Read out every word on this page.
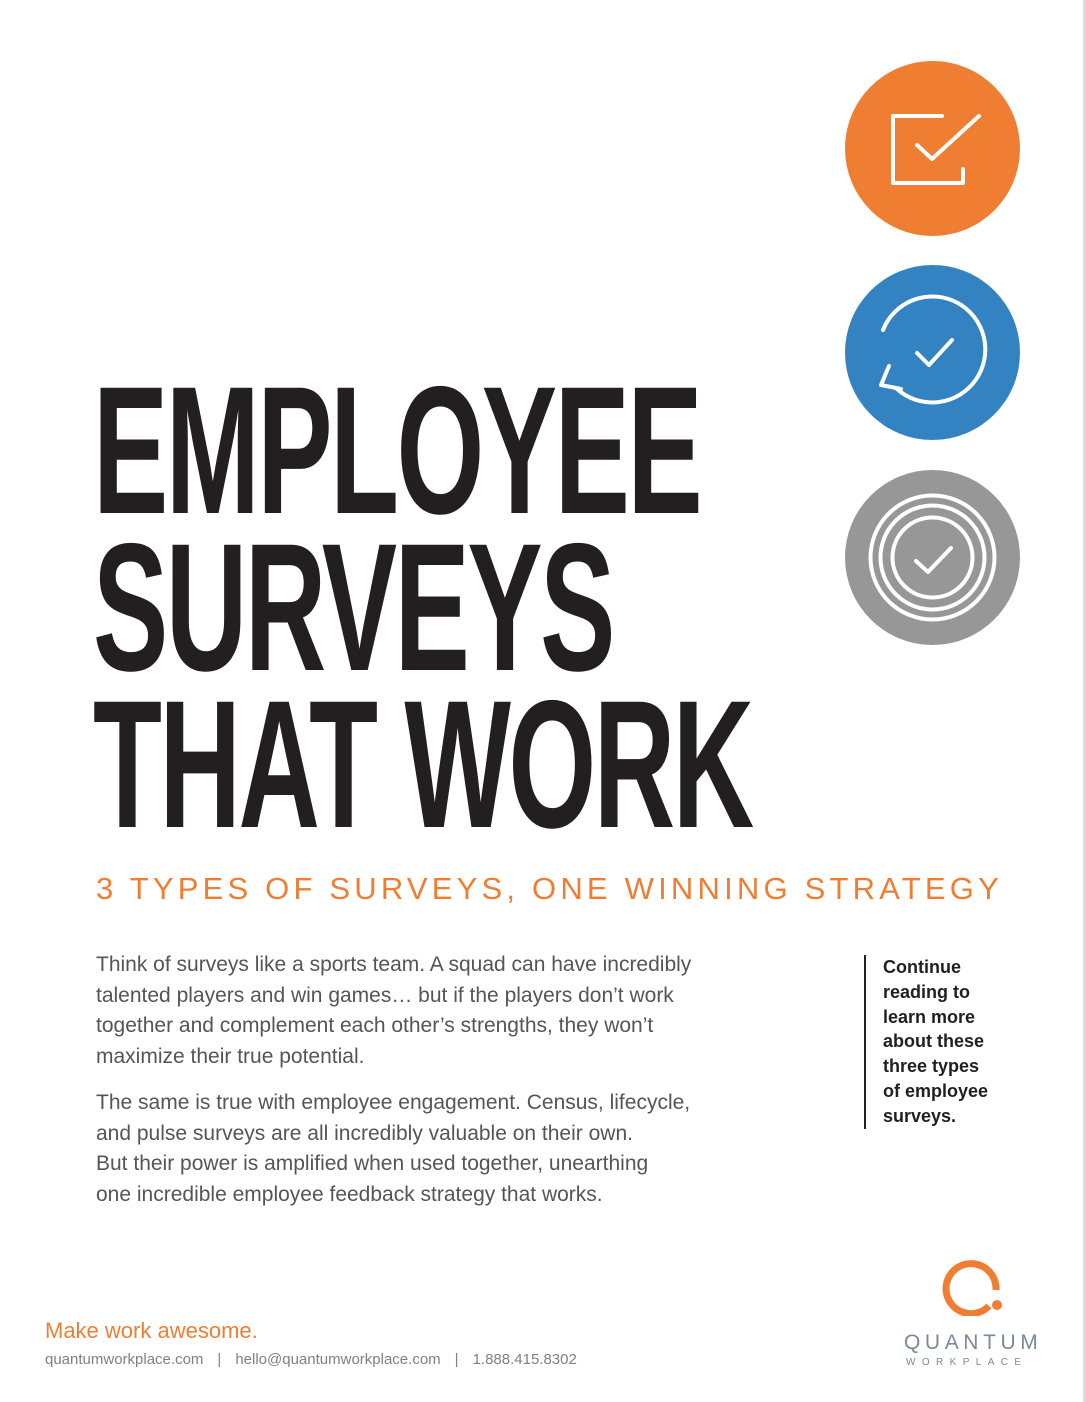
EMPLOYEE
SURVEYS
THAT WORK
3 TYPES OF SURVEYS, ONE WINNING STRATEGY

Think of surveys like a sports team. A squad can have incredibly
talented players and win games… but if the players don’t work
together and complement each other’s strengths, they won’t
maximize their true potential.

The same is true with employee engagement. Census, lifecycle,
and pulse surveys are all incredibly valuable on their own.
But their power is amplified when used together, unearthing
one incredible employee feedback strategy that works.

Continue
reading to
learn more
about these
three types
of employee
surveys.

Make work awesome.
quantumworkplace.com | hello@quantumworkplace.com | 1.888.415.8302
QUANTUM
WORKPLACE
